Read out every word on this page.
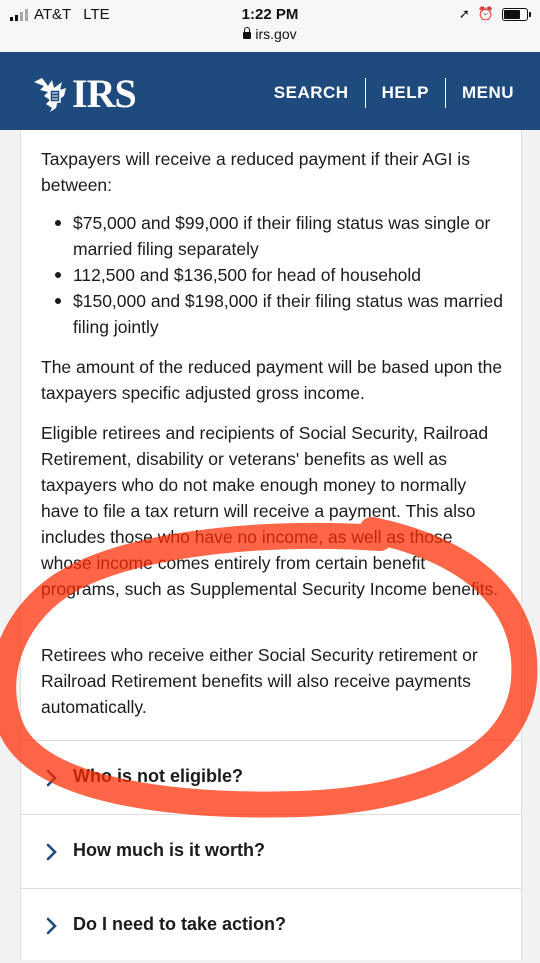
AT&T LTE	1:22 PM
irs.gov
➚ ⏰
IRS	SEARCH HELP MENU
Taxpayers will receive a reduced payment if their AGI is between:
$75,000 and $99,000 if their filing status was single or married filing separately
112,500 and $136,500 for head of household
$150,000 and $198,000 if their filing status was married filing jointly
The amount of the reduced payment will be based upon the taxpayers specific adjusted gross income.
Eligible retirees and recipients of Social Security, Railroad Retirement, disability or veterans' benefits as well as taxpayers who do not make enough money to normally have to file a tax return will receive a payment. This also includes those who have no income, as well as those whose income comes entirely from certain benefit programs, such as Supplemental Security Income benefits.
Retirees who receive either Social Security retirement or Railroad Retirement benefits will also receive payments automatically.
Who is not eligible?
How much is it worth?
Do I need to take action?
